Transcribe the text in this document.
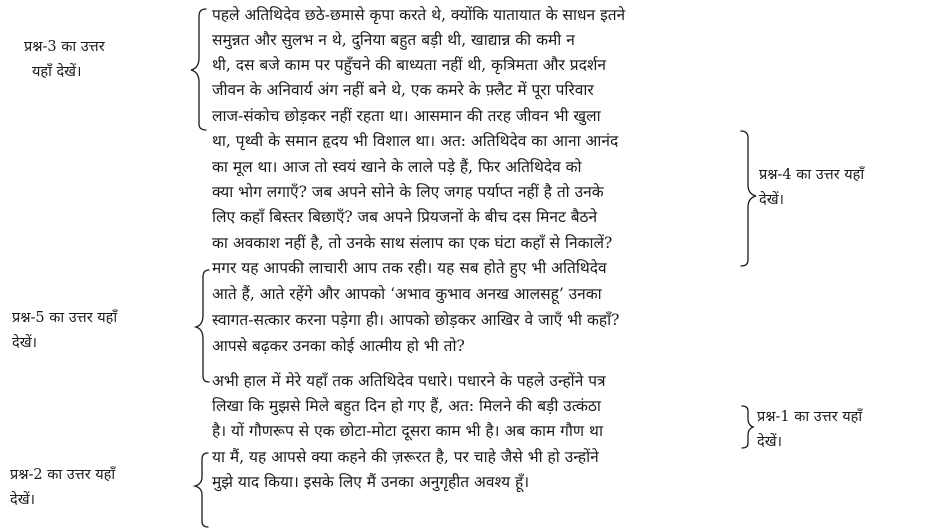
प्रश्न-3 का उत्तर
यहाँ देखें।
प्रश्न-4 का उत्तर यहाँ
देखें।
प्रश्न-5 का उत्तर यहाँ
देखें।
प्रश्न-1 का उत्तर यहाँ
देखें।
प्रश्न-2 का उत्तर यहाँ
देखें।
पहले अतिथिदेव छठे-छमासे कृपा करते थे, क्योंकि यातायात के साधन इतने
समुन्नत और सुलभ न थे, दुनिया बहुत बड़ी थी, खाद्यान्न की कमी न
थी, दस बजे काम पर पहुँचने की बाध्यता नहीं थी, कृत्रिमता और प्रदर्शन
जीवन के अनिवार्य अंग नहीं बने थे, एक कमरे के फ़्लैट में पूरा परिवार
लाज-संकोच छोड़कर नहीं रहता था। आसमान की तरह जीवन भी खुला
था, पृथ्वी के समान हृदय भी विशाल था। अत: अतिथिदेव का आना आनंद
का मूल था। आज तो स्वयं खाने के लाले पड़े हैं, फिर अतिथिदेव को
क्या भोग लगाएँ? जब अपने सोने के लिए जगह पर्याप्त नहीं है तो उनके
लिए कहाँ बिस्तर बिछाएँ? जब अपने प्रियजनों के बीच दस मिनट बैठने
का अवकाश नहीं है, तो उनके साथ संलाप का एक घंटा कहाँ से निकालें?
मगर यह आपकी लाचारी आप तक रही। यह सब होते हुए भी अतिथिदेव
आते हैं, आते रहेंगे और आपको ‘अभाव कुभाव अनख आलसहू’ उनका
स्वागत-सत्कार करना पड़ेगा ही। आपको छोड़कर आखिर वे जाएँ भी कहाँ?
आपसे बढ़कर उनका कोई आत्मीय हो भी तो?
अभी हाल में मेरे यहाँ तक अतिथिदेव पधारे। पधारने के पहले उन्होंने पत्र
लिखा कि मुझसे मिले बहुत दिन हो गए हैं, अत: मिलने की बड़ी उत्कंठा
है। यों गौणरूप से एक छोटा-मोटा दूसरा काम भी है। अब काम गौण था
या मैं, यह आपसे क्या कहने की ज़रूरत है, पर चाहे जैसे भी हो उन्होंने
मुझे याद किया। इसके लिए मैं उनका अनुगृहीत अवश्य हूँ।
